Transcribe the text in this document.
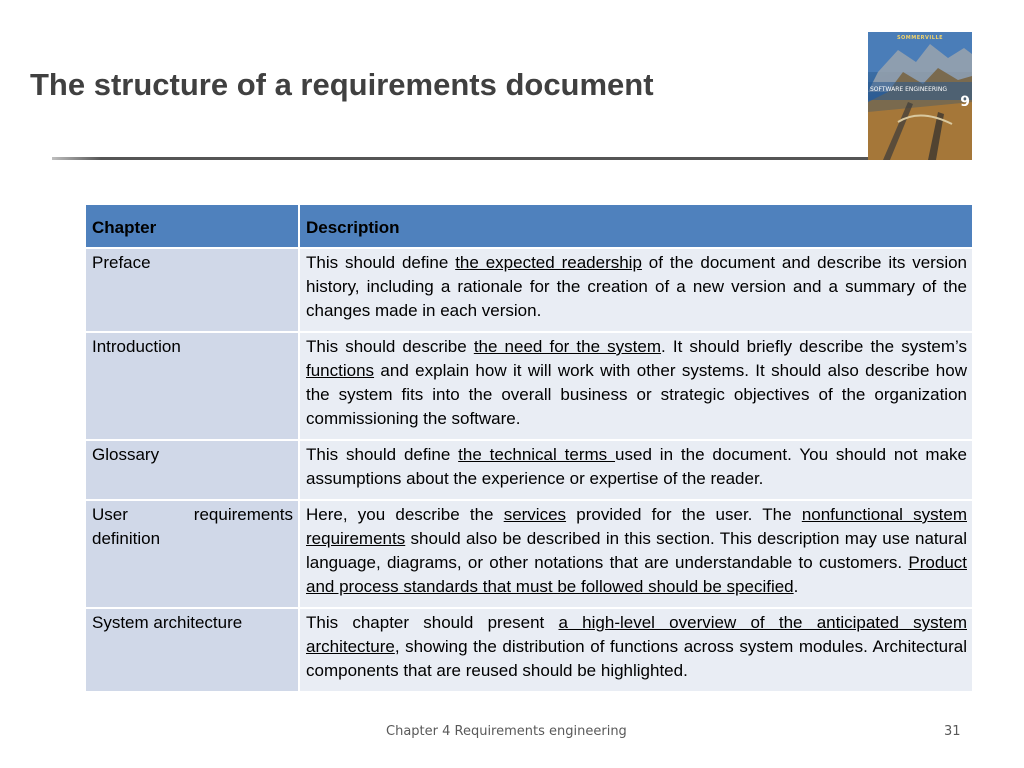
The structure of a requirements document
SOMMERVILLE
SOFTWARE ENGINEERING
9
Chapter	Description
Preface	This should define the expected readership of the document and describe its version history, including a rationale for the creation of a new version and a summary of the changes made in each version.
Introduction	This should describe the need for the system. It should briefly describe the system’s functions and explain how it will work with other systems. It should also describe how the system fits into the overall business or strategic objectives of the organization commissioning the software.
Glossary	This should define the technical terms used in the document. You should not make assumptions about the experience or expertise of the reader.
User requirements definition	Here, you describe the services provided for the user. The nonfunctional system requirements should also be described in this section. This description may use natural language, diagrams, or other notations that are understandable to customers. Product and process standards that must be followed should be specified.
System architecture	This chapter should present a high-level overview of the anticipated system architecture, showing the distribution of functions across system modules. Architectural components that are reused should be highlighted.
Chapter 4 Requirements engineering	31
